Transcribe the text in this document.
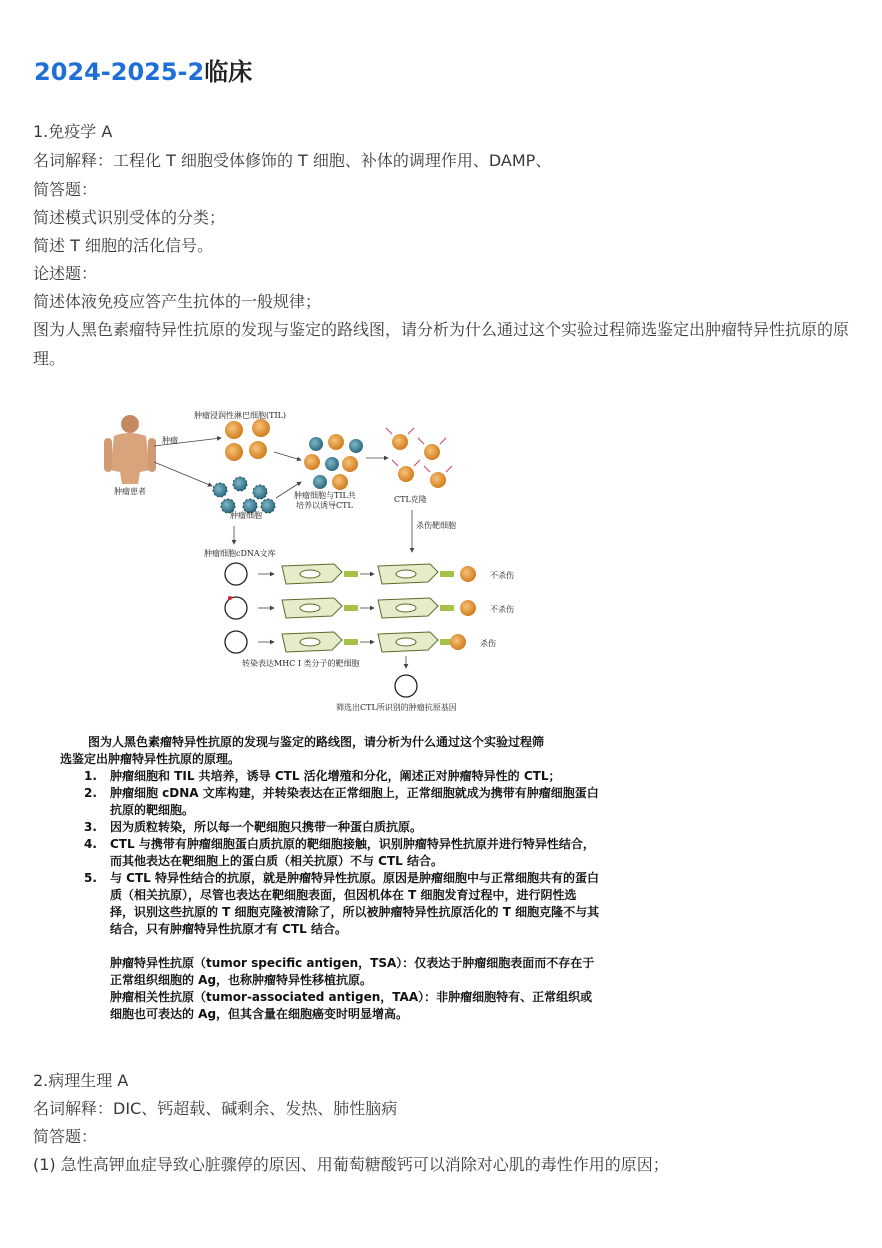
2024-2025-2临床
1.免疫学 A
名词解释：工程化 T 细胞受体修饰的 T 细胞、补体的调理作用、DAMP、
简答题：
简述模式识别受体的分类；
简述 T 细胞的活化信号。
论述题：
简述体液免疫应答产生抗体的一般规律；
图为人黑色素瘤特异性抗原的发现与鉴定的路线图，请分析为什么通过这个实验过程筛选鉴定出肿瘤特异性抗原的原理。
肿瘤浸润性淋巴细胞(TIL)
肿瘤
肿瘤患者
肿瘤细胞
肿瘤细胞与TIL共
培养以诱导CTL
CTL克隆
杀伤靶细胞
肿瘤细胞cDNA文库
不杀伤
不杀伤
杀伤
转染表达MHC I 类分子的靶细胞
筛选出CTL所识别的肿瘤抗原基因
图为人黑色素瘤特异性抗原的发现与鉴定的路线图，请分析为什么通过这个实验过程筛
选鉴定出肿瘤特异性抗原的原理。
1. 肿瘤细胞和 TIL 共培养，诱导 CTL 活化增殖和分化，阐述正对肿瘤特异性的 CTL；
2. 肿瘤细胞 cDNA 文库构建，并转染表达在正常细胞上，正常细胞就成为携带有肿瘤细胞蛋白抗原的靶细胞。
3. 因为质粒转染，所以每一个靶细胞只携带一种蛋白质抗原。
4. CTL 与携带有肿瘤细胞蛋白质抗原的靶细胞接触，识别肿瘤特异性抗原并进行特异性结合，而其他表达在靶细胞上的蛋白质（相关抗原）不与 CTL 结合。
5. 与 CTL 特异性结合的抗原，就是肿瘤特异性抗原。原因是肿瘤细胞中与正常细胞共有的蛋白质（相关抗原），尽管也表达在靶细胞表面，但因机体在 T 细胞发育过程中，进行阴性选择，识别这些抗原的 T 细胞克隆被清除了，所以被肿瘤特异性抗原活化的 T 细胞克隆不与其结合，只有肿瘤特异性抗原才有 CTL 结合。
肿瘤特异性抗原（tumor specific antigen，TSA）：仅表达于肿瘤细胞表面而不存在于正常组织细胞的 Ag，也称肿瘤特异性移植抗原。
肿瘤相关性抗原（tumor-associated antigen，TAA）：非肿瘤细胞特有、正常组织或细胞也可表达的 Ag，但其含量在细胞癌变时明显增高。
2.病理生理 A
名词解释：DIC、钙超载、碱剩余、发热、肺性脑病
简答题：
(1) 急性高钾血症导致心脏骤停的原因、用葡萄糖酸钙可以消除对心肌的毒性作用的原因；
